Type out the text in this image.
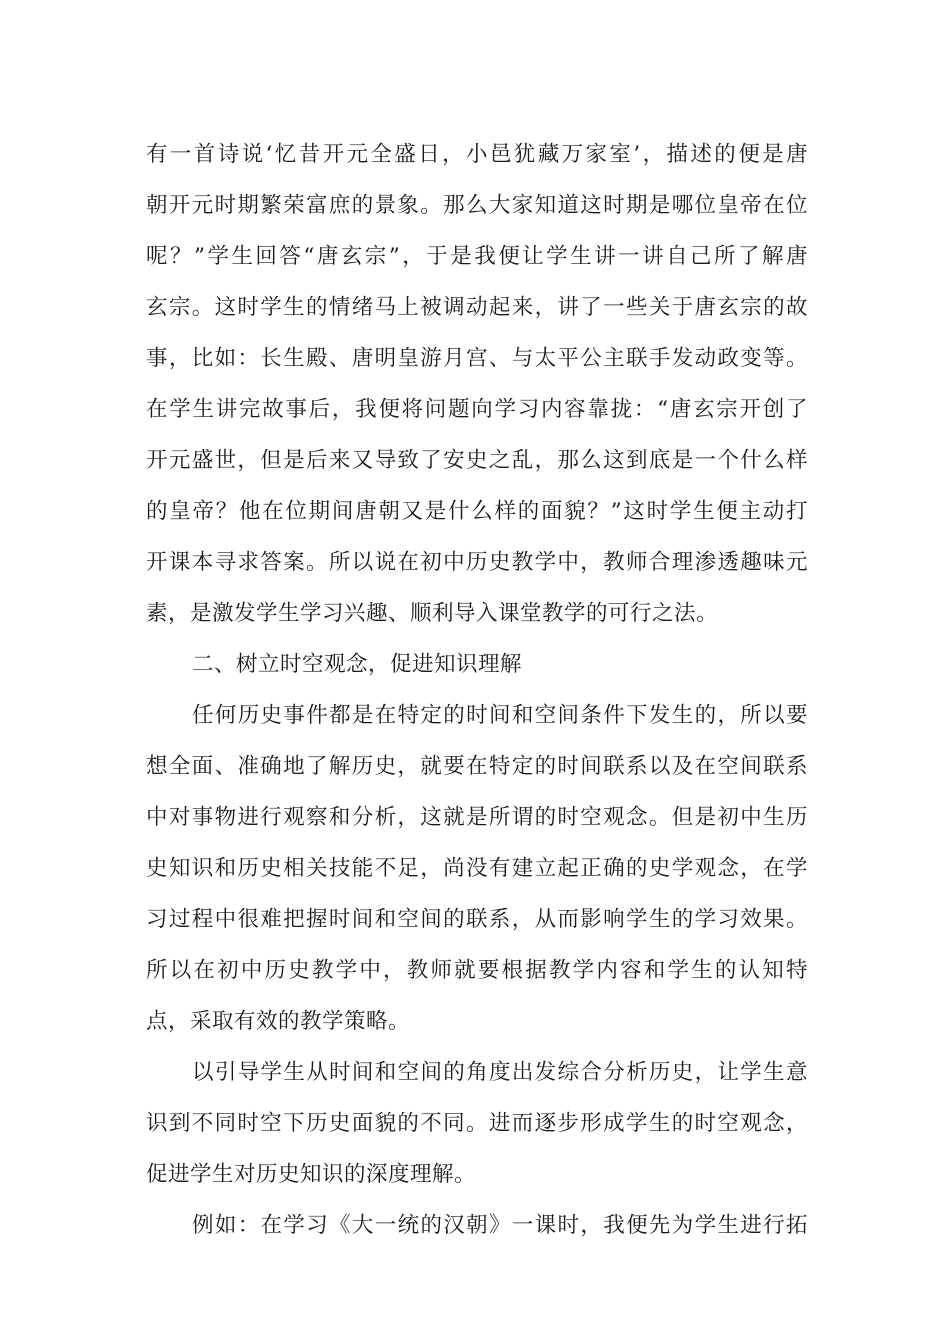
有一首诗说‘忆昔开元全盛日，小邑犹藏万家室’，描述的便是唐
朝开元时期繁荣富庶的景象。那么大家知道这时期是哪位皇帝在位
呢？”学生回答“唐玄宗”，于是我便让学生讲一讲自己所了解唐
玄宗。这时学生的情绪马上被调动起来，讲了一些关于唐玄宗的故
事，比如：长生殿、唐明皇游月宫、与太平公主联手发动政变等。
在学生讲完故事后，我便将问题向学习内容靠拢：“唐玄宗开创了
开元盛世，但是后来又导致了安史之乱，那么这到底是一个什么样
的皇帝？他在位期间唐朝又是什么样的面貌？”这时学生便主动打
开课本寻求答案。所以说在初中历史教学中，教师合理渗透趣味元
素，是激发学生学习兴趣、顺利导入课堂教学的可行之法。
二、树立时空观念，促进知识理解
任何历史事件都是在特定的时间和空间条件下发生的，所以要
想全面、准确地了解历史，就要在特定的时间联系以及在空间联系
中对事物进行观察和分析，这就是所谓的时空观念。但是初中生历
史知识和历史相关技能不足，尚没有建立起正确的史学观念，在学
习过程中很难把握时间和空间的联系，从而影响学生的学习效果。
所以在初中历史教学中，教师就要根据教学内容和学生的认知特
点，采取有效的教学策略。
以引导学生从时间和空间的角度出发综合分析历史，让学生意
识到不同时空下历史面貌的不同。进而逐步形成学生的时空观念，
促进学生对历史知识的深度理解。
例如：在学习《大一统的汉朝》一课时，我便先为学生进行拓
